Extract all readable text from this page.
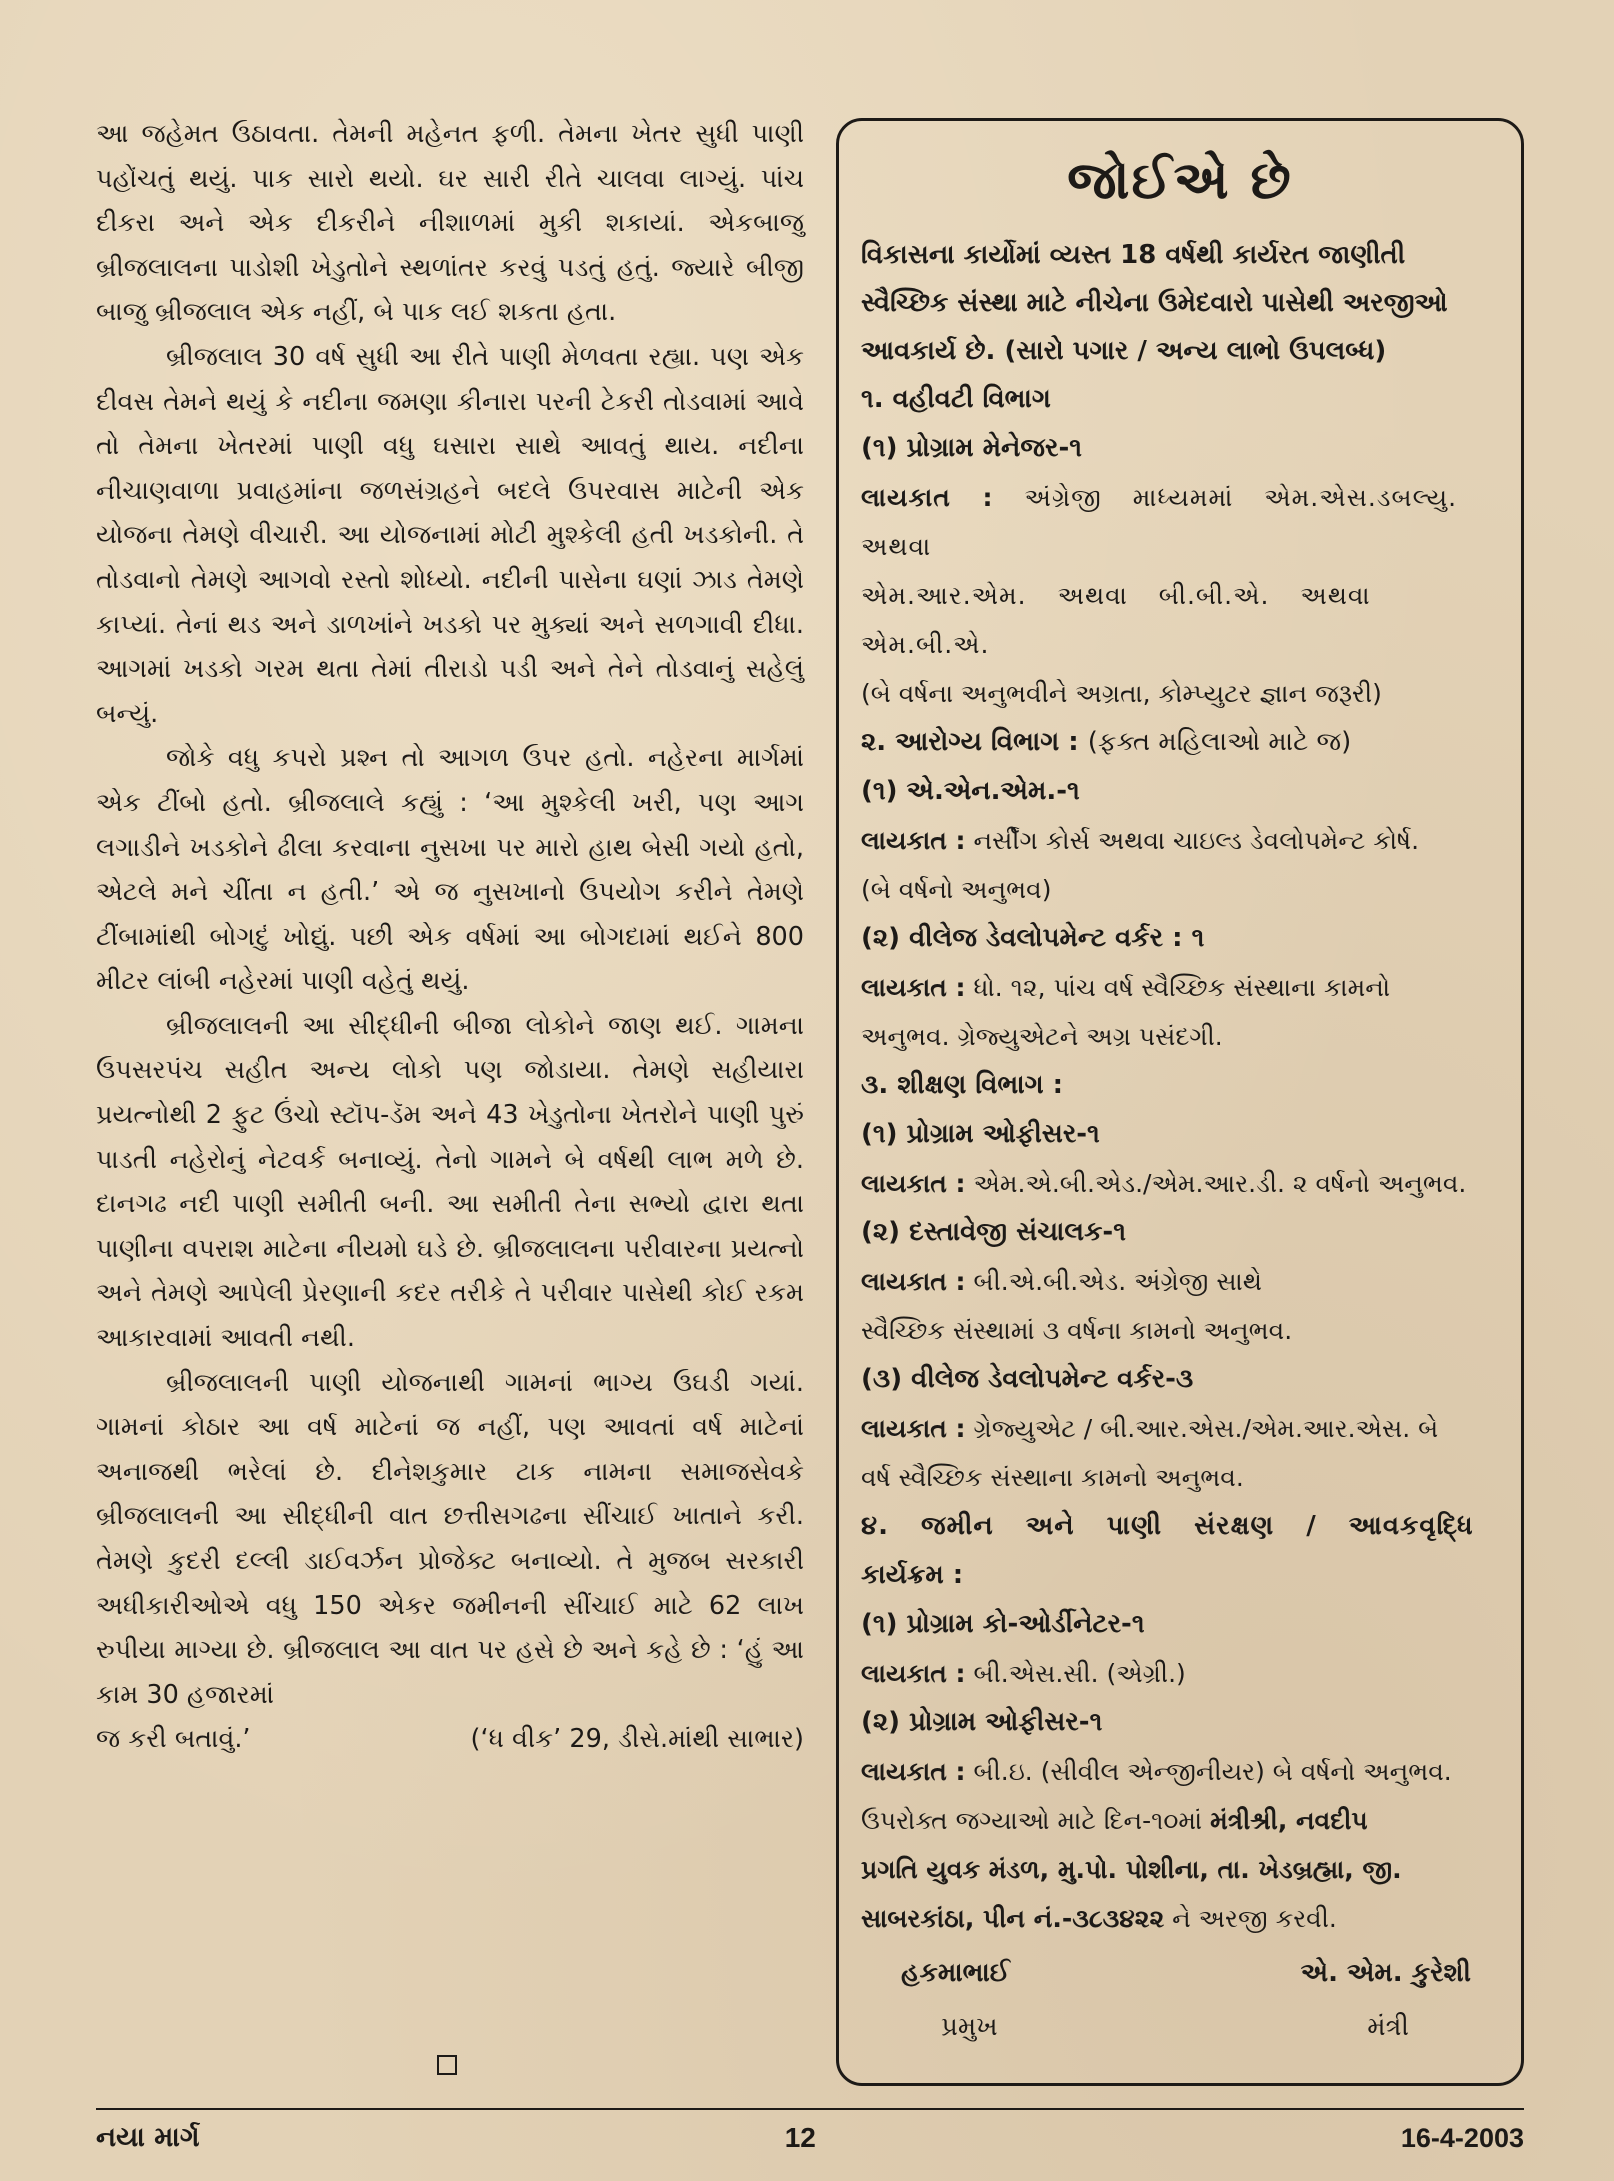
આ જહેમત ઉઠાવતા. તેમની મહેનત ફળી. તેમના ખેતર સુધી પાણી પહોંચતું થયું. પાક સારો થયો. ઘર સારી રીતે ચાલવા લાગ્યું. પાંચ દીકરા અને એક દીકરીને નીશાળમાં મુકી શકાયાં. એકબાજુ બ્રીજલાલના પાડોશી ખેડુતોને સ્થળાંતર કરવું પડતું હતું. જ્યારે બીજી બાજુ બ્રીજલાલ એક નહીં, બે પાક લઈ શકતા હતા.

બ્રીજલાલ 30 વર્ષ સુધી આ રીતે પાણી મેળવતા રહ્યા. પણ એક દીવસ તેમને થયું કે નદીના જમણા કીનારા પરની ટેકરી તોડવામાં આવે તો તેમના ખેતરમાં પાણી વધુ ઘસારા સાથે આવતું થાય. નદીના નીચાણવાળા પ્રવાહમાંના જળસંગ્રહને બદલે ઉપરવાસ માટેની એક યોજના તેમણે વીચારી. આ યોજનામાં મોટી મુશ્કેલી હતી ખડકોની. તે તોડવાનો તેમણે આગવો રસ્તો શોધ્યો. નદીની પાસેના ઘણાં ઝાડ તેમણે કાપ્યાં. તેનાં થડ અને ડાળખાંને ખડકો પર મુક્યાં અને સળગાવી દીધા. આગમાં ખડકો ગરમ થતા તેમાં તીરાડો પડી અને તેને તોડવાનું સહેલું બન્યું.

જોકે વધુ કપરો પ્રશ્ન તો આગળ ઉપર હતો. નહેરના માર્ગમાં એક ટીંબો હતો. બ્રીજલાલે કહ્યું : ‘આ મુશ્કેલી ખરી, પણ આગ લગાડીને ખડકોને ઢીલા કરવાના નુસખા પર મારો હાથ બેસી ગયો હતો, એટલે મને ચીંતા ન હતી.’ એ જ નુસખાનો ઉપયોગ કરીને તેમણે ટીંબામાંથી બોગદું ખોદ્યું. પછી એક વર્ષમાં આ બોગદામાં થઈને 800 મીટર લાંબી નહેરમાં પાણી વહેતું થયું.

બ્રીજલાલની આ સીદ્ધીની બીજા લોકોને જાણ થઈ. ગામના ઉપસરપંચ સહીત અન્ય લોકો પણ જોડાયા. તેમણે સહીયારા પ્રયત્નોથી 2 ફુટ ઉંચો સ્ટૉપ-ડૅમ અને 43 ખેડુતોના ખેતરોને પાણી પુરું પાડતી નહેરોનું નેટવર્ક બનાવ્યું. તેનો ગામને બે વર્ષથી લાભ મળે છે. દાનગઢ નદી પાણી સમીતી બની. આ સમીતી તેના સભ્યો દ્વારા થતા પાણીના વપરાશ માટેના નીયમો ઘડે છે. બ્રીજલાલના પરીવારના પ્રયત્નો અને તેમણે આપેલી પ્રેરણાની કદર તરીકે તે પરીવાર પાસેથી કોઈ રકમ આકારવામાં આવતી નથી.

બ્રીજલાલની પાણી યોજનાથી ગામનાં ભાગ્ય ઉઘડી ગયાં. ગામનાં કોઠાર આ વર્ષ માટેનાં જ નહીં, પણ આવતાં વર્ષ માટેનાં અનાજથી ભરેલાં છે. દીનેશકુમાર ટાક નામના સમાજસેવકે બ્રીજલાલની આ સીદ્ધીની વાત છત્તીસગઢના સીંચાઈ ખાતાને કરી. તેમણે કુદરી દલ્લી ડાઈવર્ઝન પ્રોજેક્ટ બનાવ્યો. તે મુજબ સરકારી અધીકારીઓએ વધુ 150 એકર જમીનની સીંચાઈ માટે 62 લાખ રુપીયા માગ્યા છે. બ્રીજલાલ આ વાત પર હસે છે અને કહે છે : ‘હું આ કામ 30 હજારમાં

જ કરી બતાવું.’	(‘ધ વીક’ 29, ડીસે.માંથી સાભાર)
જોઈએ છે

વિકાસના કાર્યોમાં વ્યસ્ત 18 વર્ષથી કાર્યરત જાણીતી સ્વૈચ્છિક સંસ્થા માટે નીચેના ઉમેદવારો પાસેથી અરજીઓ આવકાર્ય છે. (સારો પગાર / અન્ય લાભો ઉપલબ્ધ)

૧. વહીવટી વિભાગ

(૧) પ્રોગ્રામ મેનેજર-૧

લાયકાત : અંગ્રેજી માધ્યમમાં એમ.એસ.ડબલ્યુ. અથવા

એમ.આર.એમ. અથવા બી.બી.એ. અથવા એમ.બી.એ.

(બે વર્ષના અનુભવીને અગ્રતા, કોમ્પ્યુટર જ્ઞાન જરૂરી)

૨. આરોગ્ય વિભાગ : (ફક્ત મહિલાઓ માટે જ)

(૧) એ.એન.એમ.-૧

લાયકાત : નર્સીંગ કોર્સ અથવા ચાઇલ્ડ ડેવલોપમેન્ટ કોર્ષ.

(બે વર્ષનો અનુભવ)

(૨) વીલેજ ડેવલોપમેન્ટ વર્કર : ૧

લાયકાત : ધો. ૧૨, પાંચ વર્ષ સ્વૈચ્છિક સંસ્થાના કામનો

અનુભવ. ગ્રેજ્યુએટને અગ્ર પસંદગી.

૩. શીક્ષણ વિભાગ :

(૧) પ્રોગ્રામ ઓફીસર-૧

લાયકાત : એમ.એ.બી.એડ./એમ.આર.ડી. ૨ વર્ષનો અનુભવ.

(૨) દસ્તાવેજી સંચાલક-૧

લાયકાત : બી.એ.બી.એડ. અંગ્રેજી સાથે

સ્વૈચ્છિક સંસ્થામાં ૩ વર્ષના કામનો અનુભવ.

(૩) વીલેજ ડેવલોપમેન્ટ વર્કર-૩

લાયકાત : ગ્રેજ્યુએટ / બી.આર.એસ./એમ.આર.એસ. બે

વર્ષ સ્વૈચ્છિક સંસ્થાના કામનો અનુભવ.

૪. જમીન અને પાણી સંરક્ષણ / આવકવૃદ્ધિ

કાર્યક્રમ :

(૧) પ્રોગ્રામ કો-ઓર્ડીનેટર-૧

લાયકાત : બી.એસ.સી. (એગ્રી.)

(૨) પ્રોગ્રામ ઓફીસર-૧

લાયકાત : બી.ઇ. (સીવીલ એન્જીનીયર) બે વર્ષનો અનુભવ.

ઉપરોક્ત જગ્યાઓ માટે દિન-૧૦માં મંત્રીશ્રી, નવદીપ

પ્રગતિ યુવક મંડળ, મુ.પો. પોશીના, તા. ખેડબ્રહ્મા, જી.

સાબરકાંઠા, પીન નં.-૩૮૩૪૨૨ ને અરજી કરવી.

હકમાભાઈ	એ. એમ. કુરેશી
પ્રમુખ	મંત્રી
નયા માર્ગ	12	16-4-2003
